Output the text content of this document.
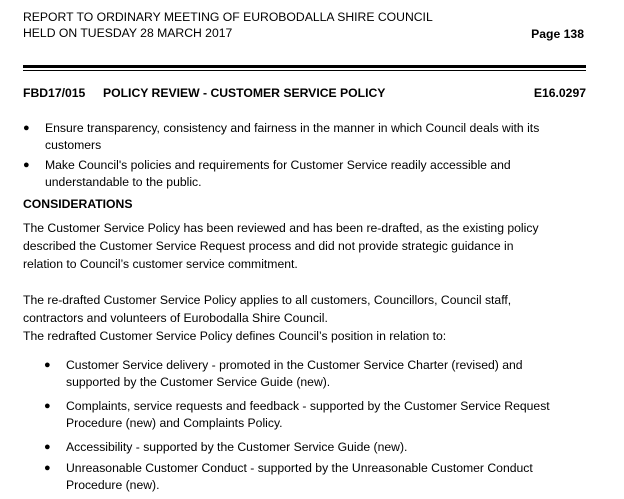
REPORT TO ORDINARY MEETING OF EUROBODALLA SHIRE COUNCIL
HELD ON TUESDAY 28 MARCH 2017	Page 138
FBD17/015 POLICY REVIEW - CUSTOMER SERVICE POLICY	E16.0297
● Ensure transparency, consistency and fairness in the manner in which Council deals with its
customers
● Make Council's policies and requirements for Customer Service readily accessible and
understandable to the public.
CONSIDERATIONS
The Customer Service Policy has been reviewed and has been re-drafted, as the existing policy
described the Customer Service Request process and did not provide strategic guidance in
relation to Council’s customer service commitment.
The re-drafted Customer Service Policy applies to all customers, Councillors, Council staff,
contractors and volunteers of Eurobodalla Shire Council.
The redrafted Customer Service Policy defines Council’s position in relation to:
● Customer Service delivery - promoted in the Customer Service Charter (revised) and
supported by the Customer Service Guide (new).
● Complaints, service requests and feedback - supported by the Customer Service Request
Procedure (new) and Complaints Policy.
● Accessibility - supported by the Customer Service Guide (new).
● Unreasonable Customer Conduct - supported by the Unreasonable Customer Conduct
Procedure (new).
